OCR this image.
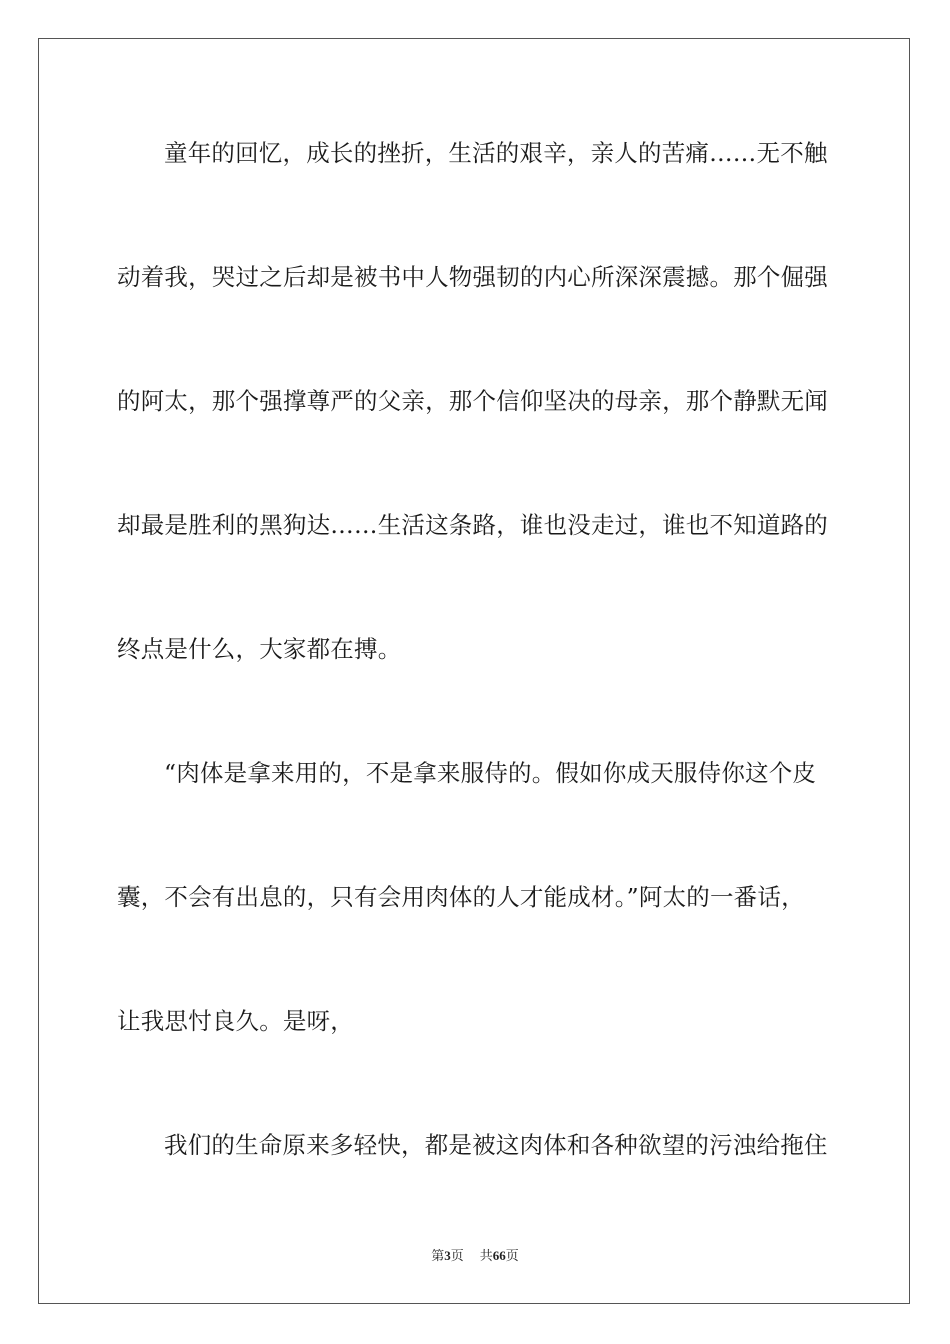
童年的回忆，成长的挫折，生活的艰辛，亲人的苦痛……无不触
动着我，哭过之后却是被书中人物强韧的内心所深深震撼。那个倔强
的阿太，那个强撑尊严的父亲，那个信仰坚决的母亲，那个静默无闻
却最是胜利的黑狗达……生活这条路，谁也没走过，谁也不知道路的
终点是什么，大家都在搏。
“肉体是拿来用的，不是拿来服侍的。假如你成天服侍你这个皮
囊，不会有出息的，只有会用肉体的人才能成材。”阿太的一番话，
让我思忖良久。是呀，
我们的生命原来多轻快，都是被这肉体和各种欲望的污浊给拖住
第3页 共66页
